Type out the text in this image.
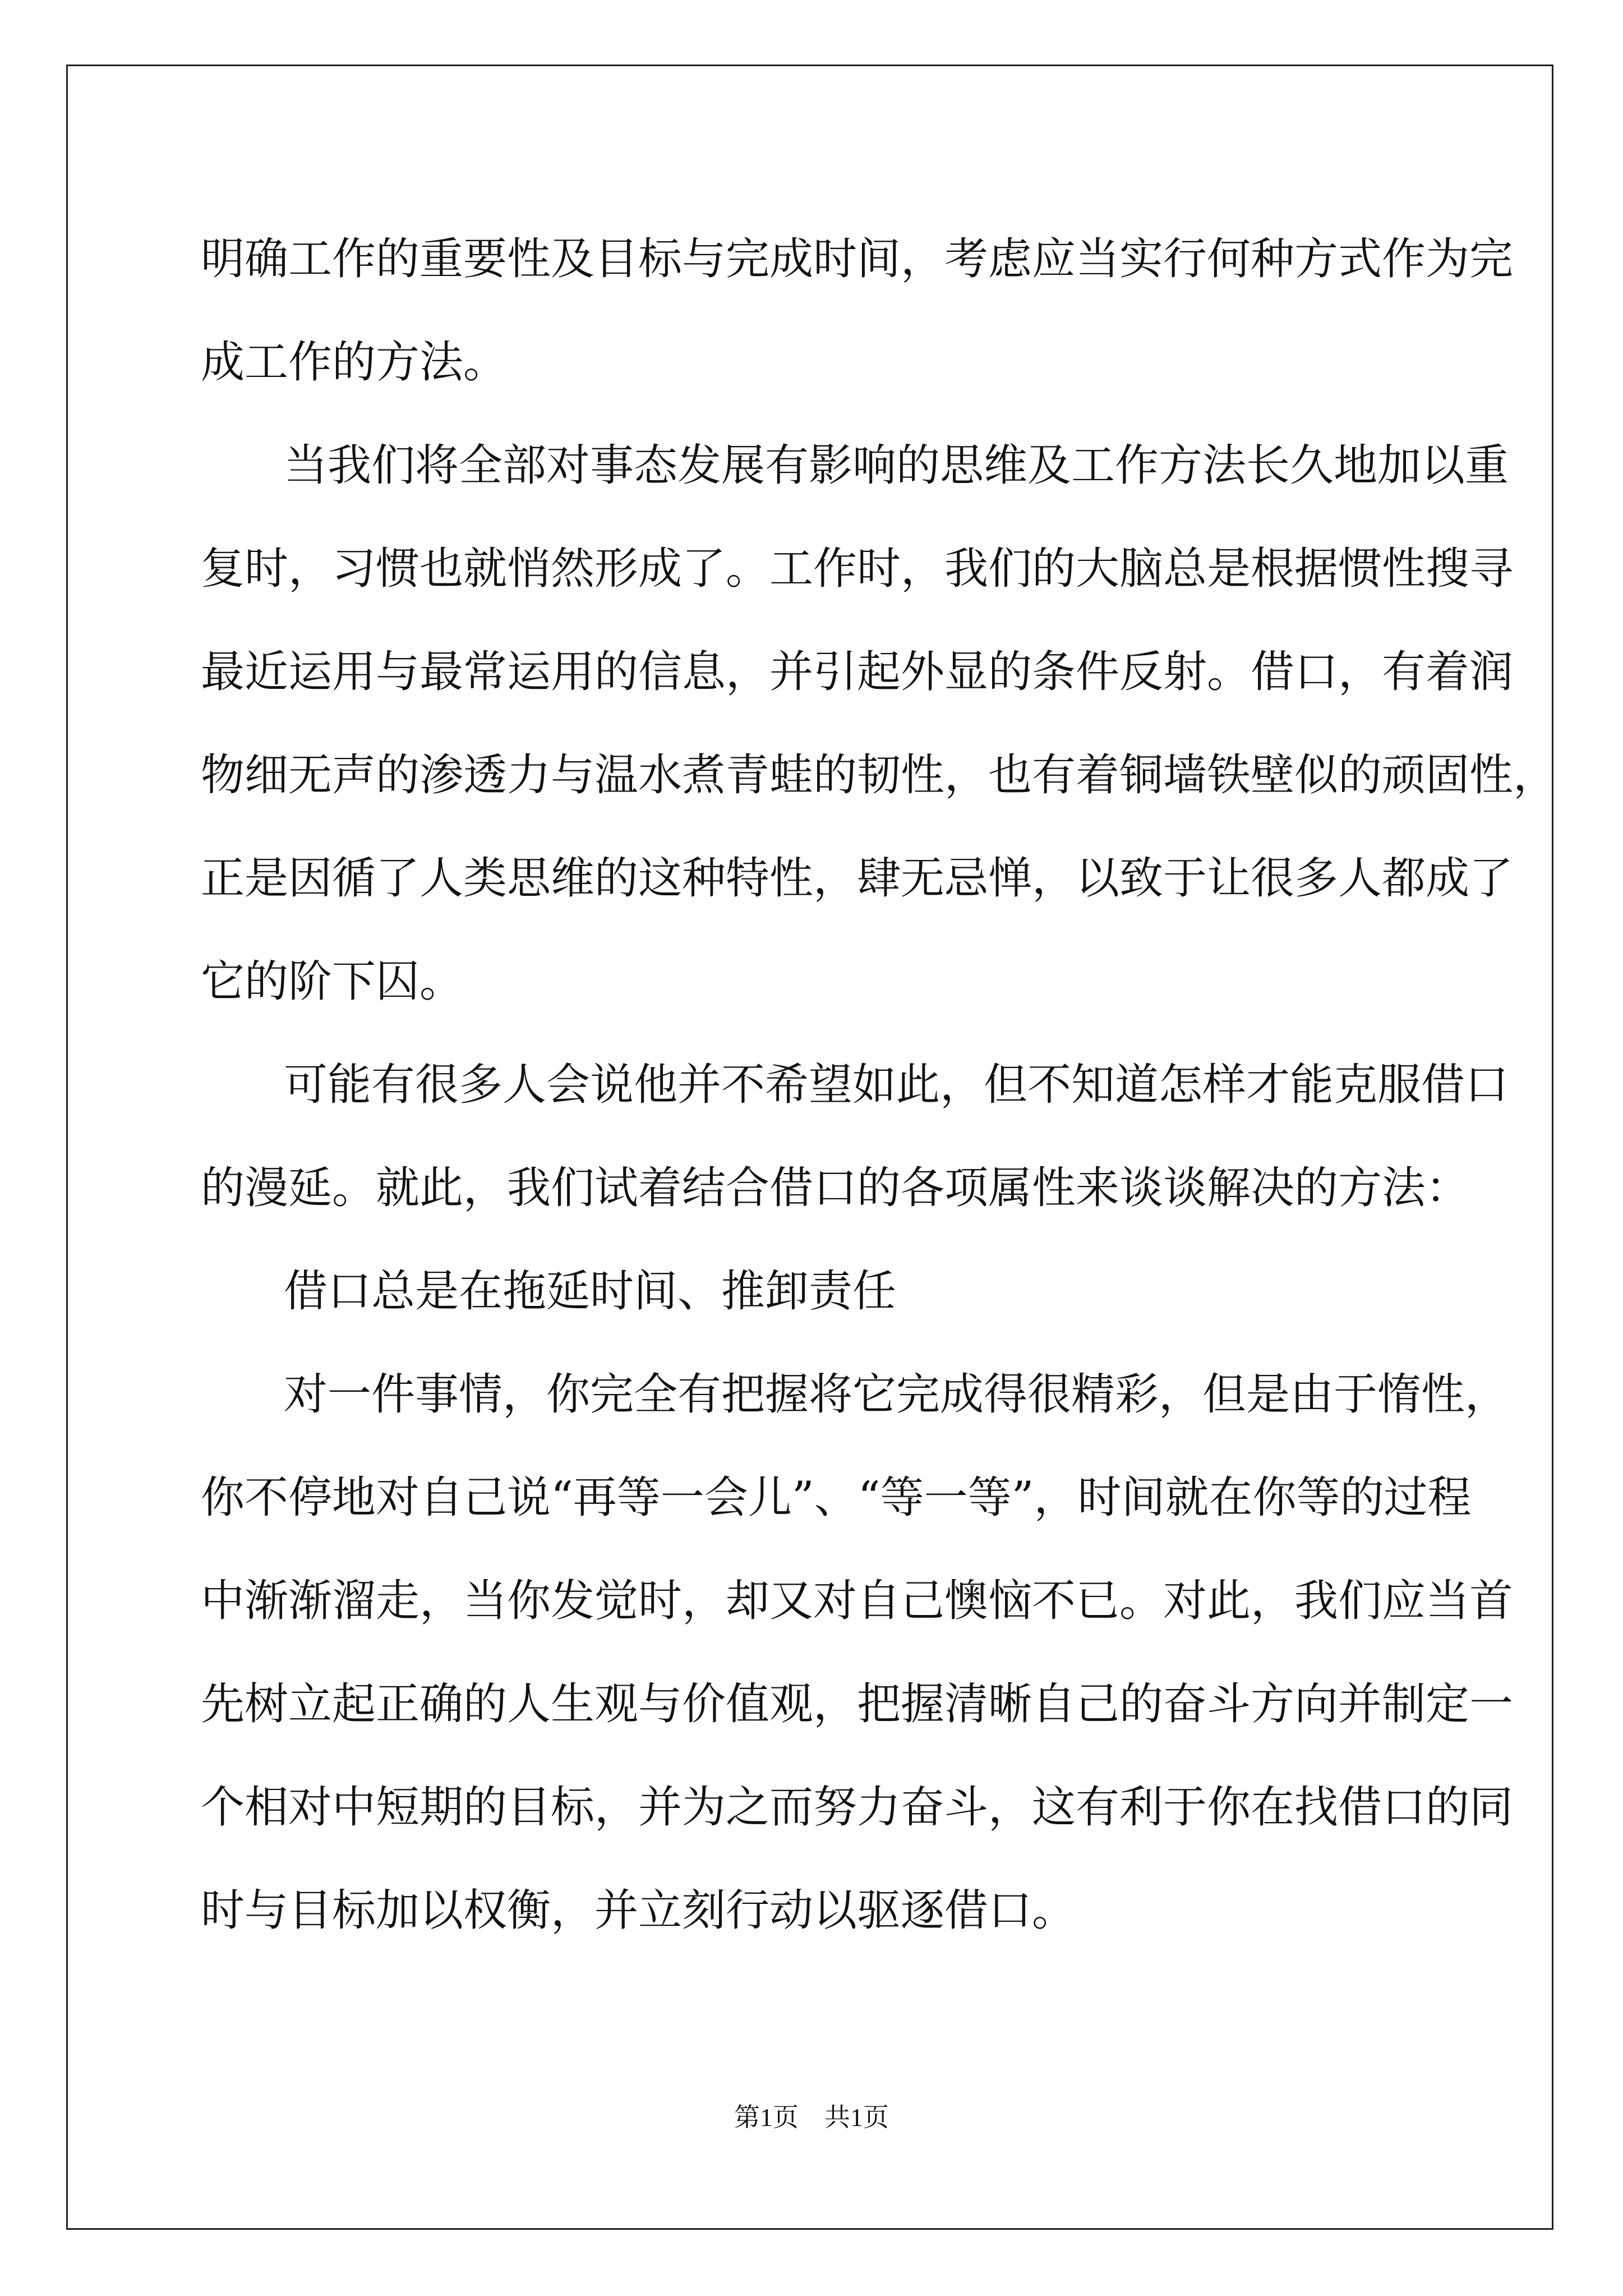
明确工作的重要性及目标与完成时间，考虑应当实行何种方式作为完
成工作的方法。
当我们将全部对事态发展有影响的思维及工作方法长久地加以重
复时，习惯也就悄然形成了。工作时，我们的大脑总是根据惯性搜寻
最近运用与最常运用的信息，并引起外显的条件反射。借口，有着润
物细无声的渗透力与温水煮青蛙的韧性，也有着铜墙铁壁似的顽固性，
正是因循了人类思维的这种特性，肆无忌惮，以致于让很多人都成了
它的阶下囚。
可能有很多人会说他并不希望如此，但不知道怎样才能克服借口
的漫延。就此，我们试着结合借口的各项属性来谈谈解决的方法：
借口总是在拖延时间、推卸责任
对一件事情，你完全有把握将它完成得很精彩，但是由于惰性，
你不停地对自己说“再等一会儿”、“等一等”，时间就在你等的过程
中渐渐溜走，当你发觉时，却又对自己懊恼不已。对此，我们应当首
先树立起正确的人生观与价值观，把握清晰自己的奋斗方向并制定一
个相对中短期的目标，并为之而努力奋斗，这有利于你在找借口的同
时与目标加以权衡，并立刻行动以驱逐借口。
第1页　共1页
